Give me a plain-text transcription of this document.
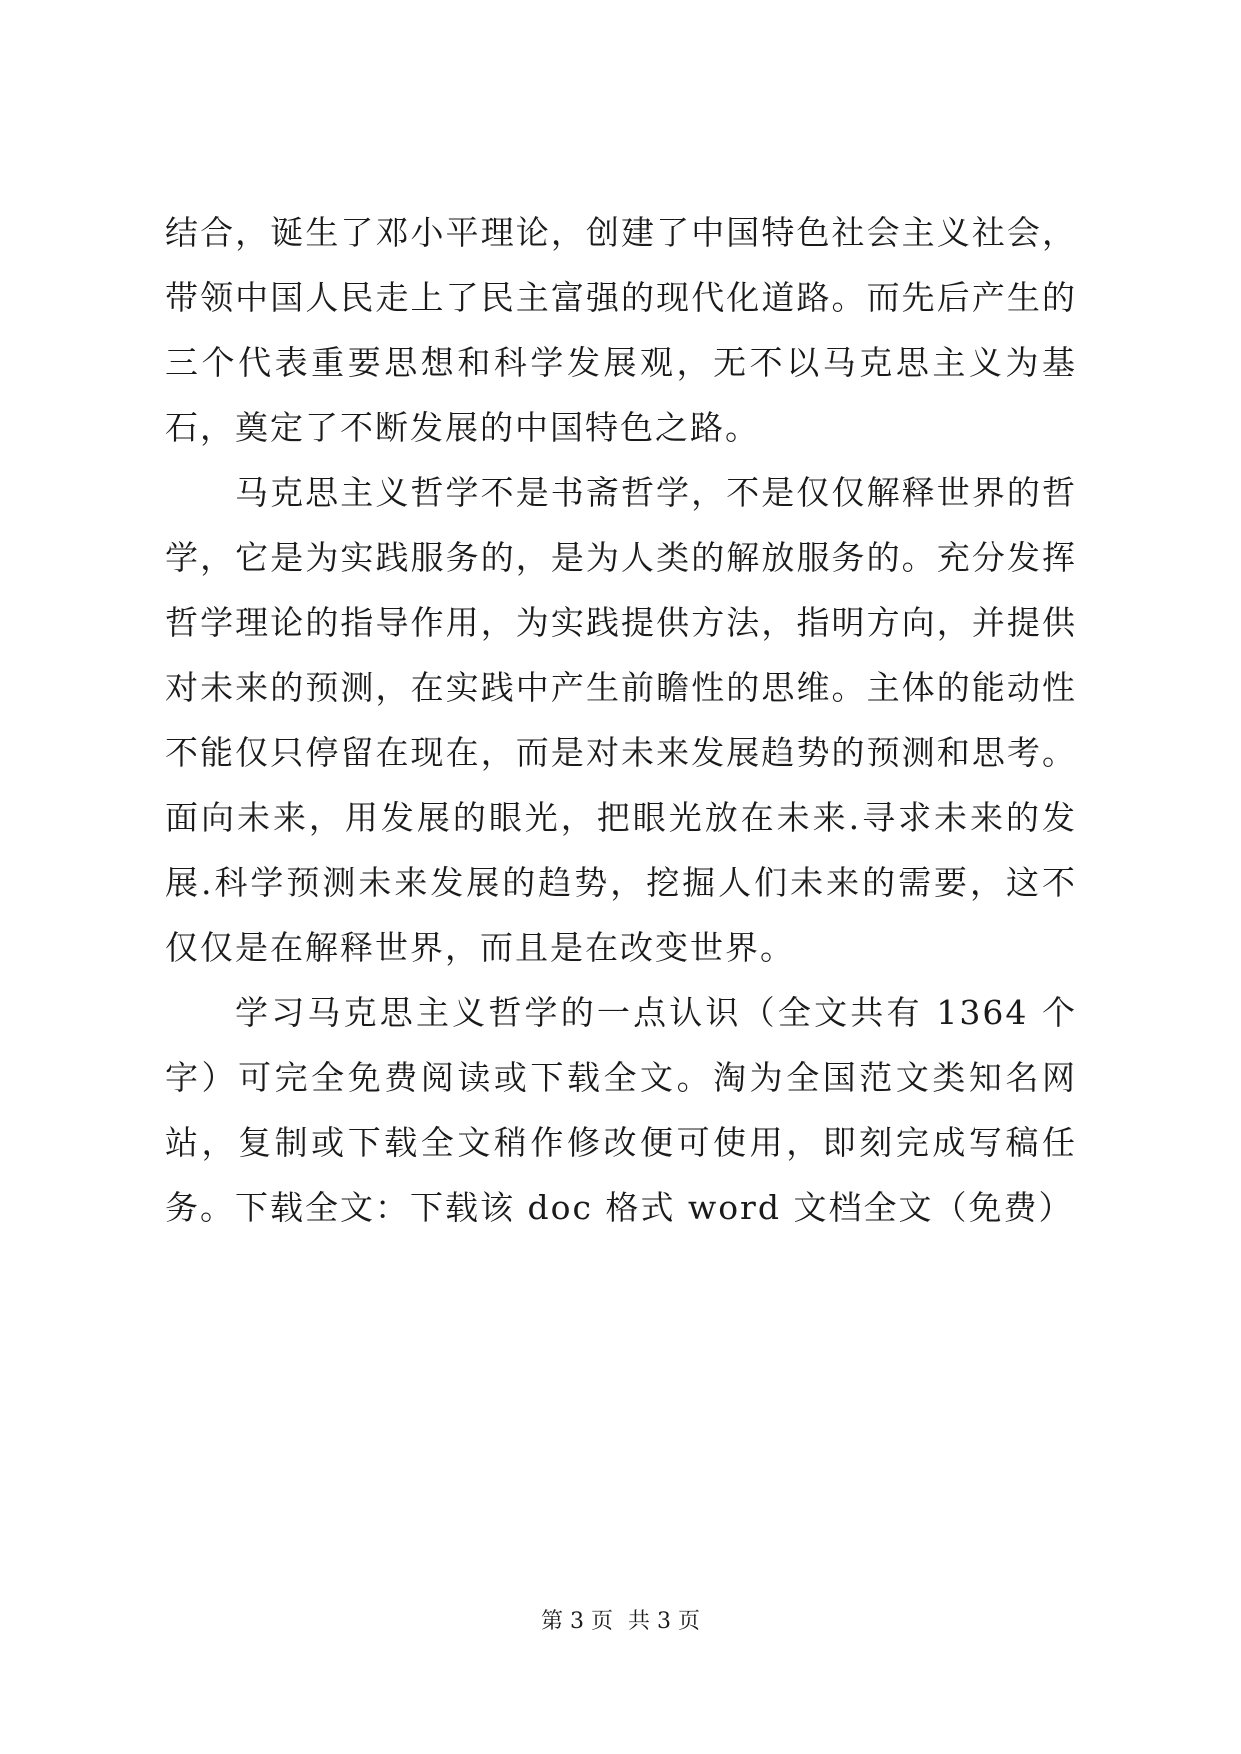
结合，诞生了邓小平理论，创建了中国特色社会主义社会，带领中国人民走上了民主富强的现代化道路。而先后产生的三个代表重要思想和科学发展观，无不以马克思主义为基石，奠定了不断发展的中国特色之路。

马克思主义哲学不是书斋哲学，不是仅仅解释世界的哲学，它是为实践服务的，是为人类的解放服务的。充分发挥哲学理论的指导作用，为实践提供方法，指明方向，并提供对未来的预测，在实践中产生前瞻性的思维。主体的能动性不能仅只停留在现在，而是对未来发展趋势的预测和思考。面向未来，用发展的眼光，把眼光放在未来.寻求未来的发展.科学预测未来发展的趋势，挖掘人们未来的需要，这不仅仅是在解释世界，而且是在改变世界。

学习马克思主义哲学的一点认识（全文共有 1364 个字）可完全免费阅读或下载全文。淘为全国范文类知名网站，复制或下载全文稍作修改便可使用，即刻完成写稿任务。下载全文：下载该 doc 格式 word 文档全文（免费）

第 3 页 共 3 页
